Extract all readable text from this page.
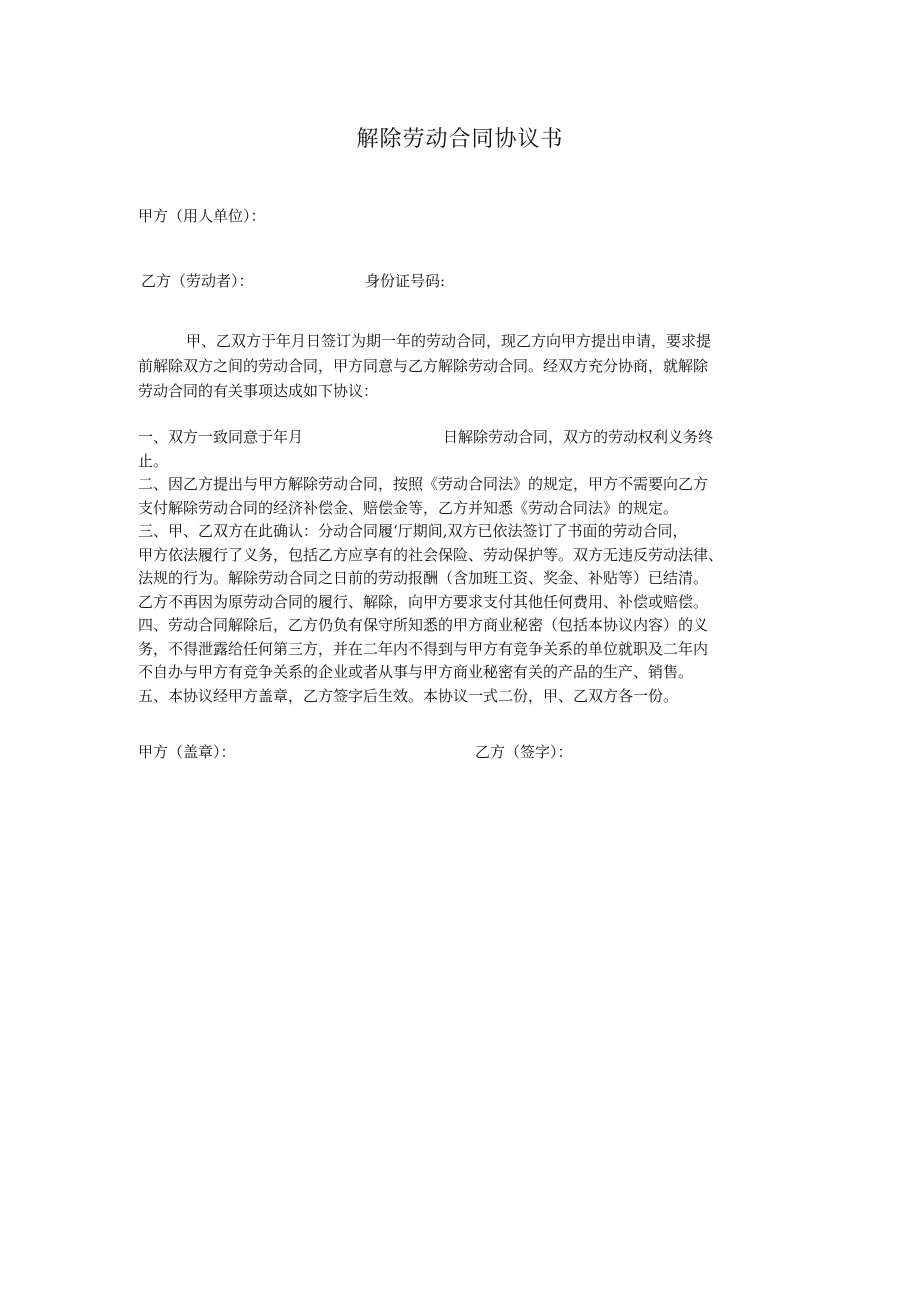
解除劳动合同协议书
甲方（用人单位）：
乙方（劳动者）：	身份证号码:
甲、乙双方于年月日签订为期一年的劳动合同，现乙方向甲方提出申请，要求提
前解除双方之间的劳动合同，甲方同意与乙方解除劳动合同。经双方充分协商，就解除
劳动合同的有关事项达成如下协议：
一、双方一致同意于年月	日解除劳动合同，双方的劳动权利义务终
止。
二、因乙方提出与甲方解除劳动合同，按照《劳动合同法》的规定，甲方不需要向乙方
支付解除劳动合同的经济补偿金、赔偿金等，乙方并知悉《劳动合同法》的规定。
三、甲、乙双方在此确认：分动合同履‘厅期间,双方已依法签订了书面的劳动合同，
甲方依法履行了义务，包括乙方应享有的社会保险、劳动保护等。双方无违反劳动法律、
法规的行为。解除劳动合同之日前的劳动报酬（含加班工资、奖金、补贴等）已结清。
乙方不再因为原劳动合同的履行、解除，向甲方要求支付其他任何费用、补偿或赔偿。
四、劳动合同解除后，乙方仍负有保守所知悉的甲方商业秘密（包括本协议内容）的义
务，不得泄露给任何第三方，并在二年内不得到与甲方有竞争关系的单位就职及二年内
不自办与甲方有竞争关系的企业或者从事与甲方商业秘密有关的产品的生产、销售。
五、本协议经甲方盖章，乙方签字后生效。本协议一式二份，甲、乙双方各一份。
甲方（盖章）：	乙方（签字）：
